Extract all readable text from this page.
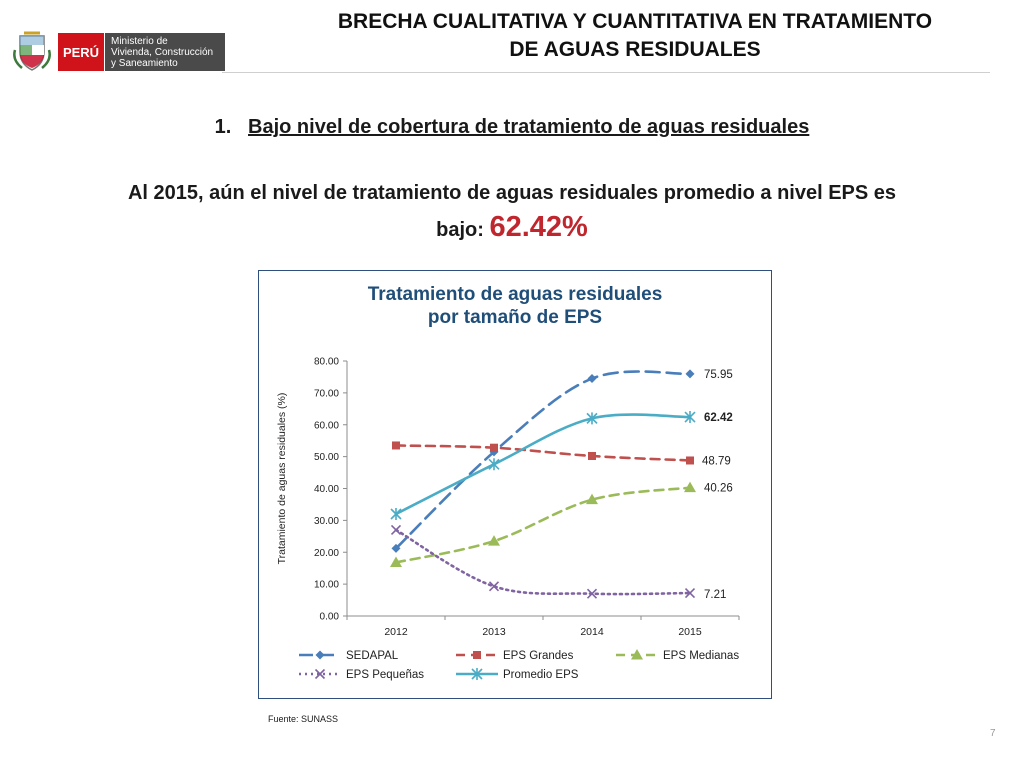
PERÚ
Ministerio de
Vivienda, Construcción
y Saneamiento
BRECHA CUALITATIVA Y CUANTITATIVA EN TRATAMIENTO
DE AGUAS RESIDUALES
1. Bajo nivel de cobertura de tratamiento de aguas residuales
Al 2015, aún el nivel de tratamiento de aguas residuales promedio a nivel EPS es
bajo: 62.42%
Tratamiento de aguas residuales
por tamaño de EPS
0.00
10.00
20.00
30.00
40.00
50.00
60.00
70.00
80.00
2012	2013	2014	2015
Tratamiento de aguas residuales (%)
75.95
48.79
40.26
7.21
62.42
SEDAPAL	EPS Grandes	EPS Medianas
EPS Pequeñas	Promedio EPS
Fuente: SUNASS
7
